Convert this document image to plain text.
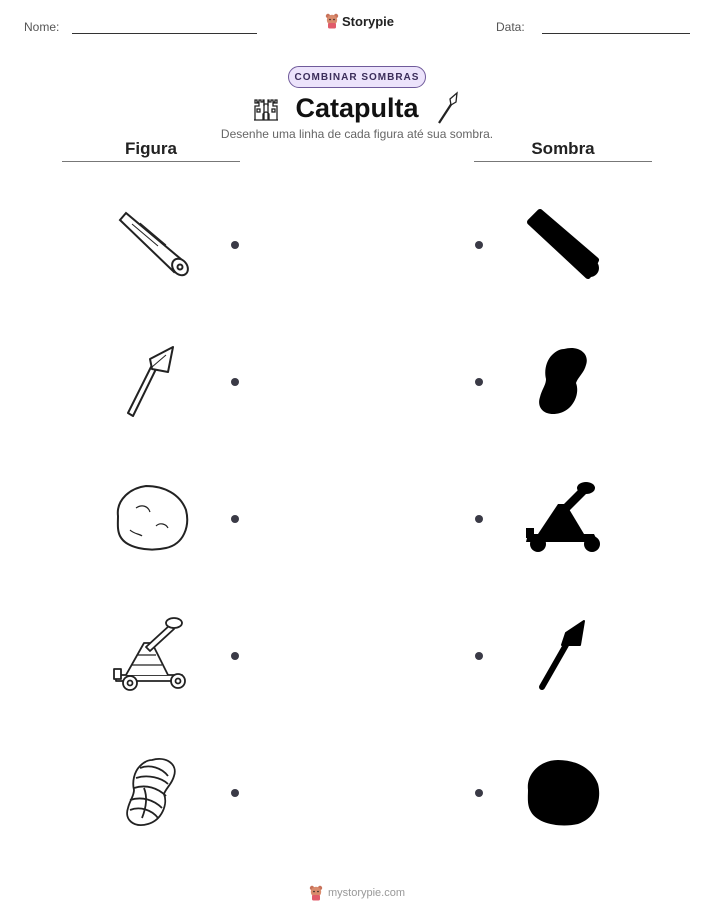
Nome:	Storypie	Data:
COMBINAR SOMBRAS
Catapulta
Desenhe uma linha de cada figura até sua sombra.
Figura	Sombra
mystorypie.com
